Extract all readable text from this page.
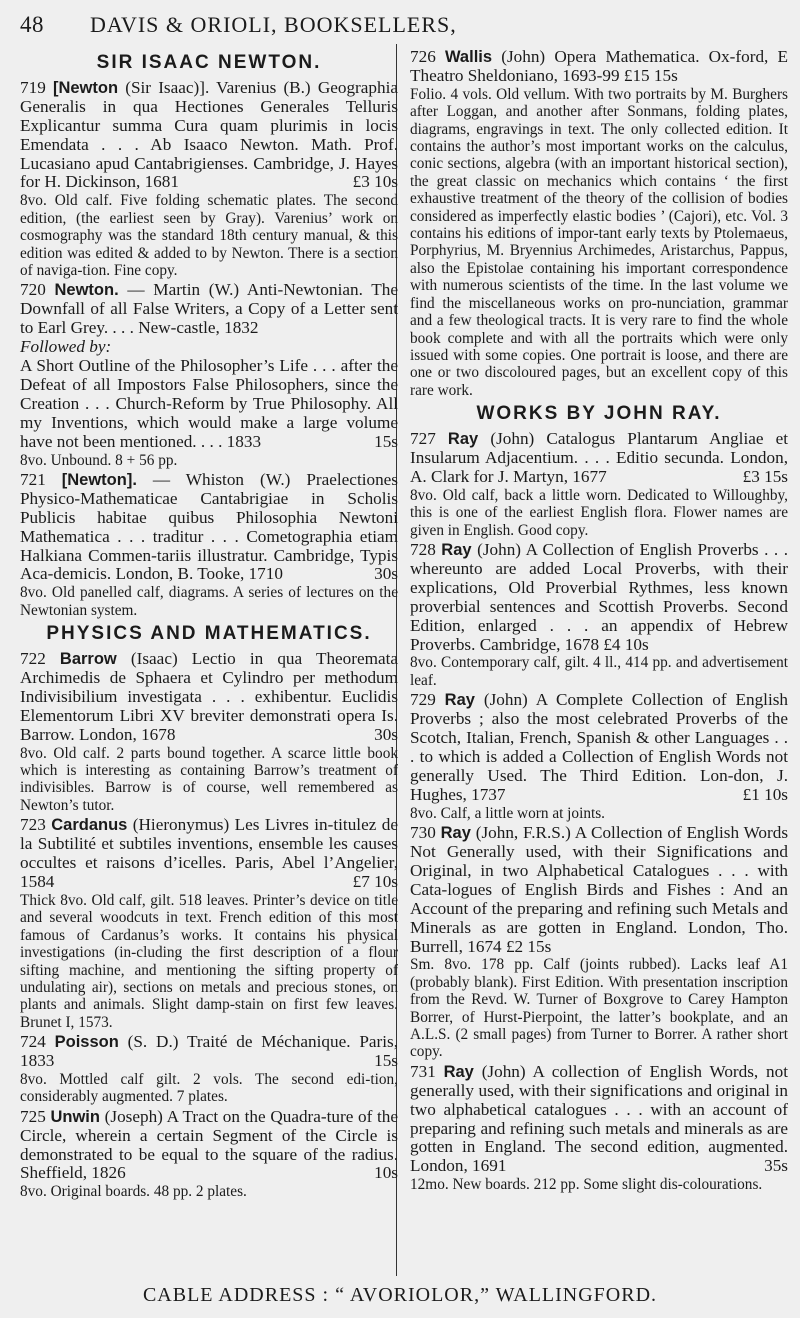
48 DAVIS & ORIOLI, BOOKSELLERS,
SIR ISAAC NEWTON.
719 [Newton (Sir Isaac)]. Varenius (B.) Geographia Generalis in qua Hectiones Generales Telluris Explicantur summa Cura quam plurimis in locis Emendata . . . Ab Isaaco Newton. Math. Prof. Lucasiano apud Cantabrigienses. Cambridge, J. Hayes for H. Dickinson, 1681	£3 10s
8vo. Old calf. Five folding schematic plates. The second edition, (the earliest seen by Gray). Varenius’ work on cosmography was the standard 18th century manual, & this edition was edited & added to by Newton. There is a section of naviga-tion. Fine copy.
720 Newton. — Martin (W.) Anti-Newtonian. The Downfall of all False Writers, a Copy of a Letter sent to Earl Grey. . . . New-castle, 1832
Followed by:
A Short Outline of the Philosopher’s Life . . . after the Defeat of all Impostors False Philosophers, since the Creation . . . Church-Reform by True Philosophy. All my Inventions, which would make a large volume have not been mentioned. . . . 1833	15s
8vo. Unbound. 8 + 56 pp.
721 [Newton]. — Whiston (W.) Praelectiones Physico-Mathematicae Cantabrigiae in Scholis Publicis habitae quibus Philosophia Newtoni Mathematica . . . traditur . . . Cometographia etiam Halkiana Commen-tariis illustratur. Cambridge, Typis Aca-demicis. London, B. Tooke, 1710	30s
8vo. Old panelled calf, diagrams. A series of lectures on the Newtonian system.
PHYSICS AND MATHEMATICS.
722 Barrow (Isaac) Lectio in qua Theoremata Archimedis de Sphaera et Cylindro per methodum Indivisibilium investigata . . . exhibentur. Euclidis Elementorum Libri XV breviter demonstrati opera Is. Barrow. London, 1678	30s
8vo. Old calf. 2 parts bound together. A scarce little book which is interesting as containing Barrow’s treatment of indivisibles. Barrow is of course, well remembered as Newton’s tutor.
723 Cardanus (Hieronymus) Les Livres in-titulez de la Subtilité et subtiles inventions, ensemble les causes occultes et raisons d’icelles. Paris, Abel l’Angelier, 1584	£7 10s
Thick 8vo. Old calf, gilt. 518 leaves. Printer’s device on title and several woodcuts in text. French edition of this most famous of Cardanus’s works. It contains his physical investigations (in-cluding the first description of a flour sifting machine, and mentioning the sifting property of undulating air), sections on metals and precious stones, on plants and animals. Slight damp-stain on first few leaves. Brunet I, 1573.
724 Poisson (S. D.) Traité de Méchanique. Paris, 1833	15s
8vo. Mottled calf gilt. 2 vols. The second edi-tion, considerably augmented. 7 plates.
725 Unwin (Joseph) A Tract on the Quadra-ture of the Circle, wherein a certain Segment of the Circle is demonstrated to be equal to the square of the radius. Sheffield, 1826	10s
8vo. Original boards. 48 pp. 2 plates.
726 Wallis (John) Opera Mathematica. Ox-ford, E Theatro Sheldoniano, 1693-99 £15 15s
Folio. 4 vols. Old vellum. With two portraits by M. Burghers after Loggan, and another after Sonmans, folding plates, diagrams, engravings in text. The only collected edition. It contains the author’s most important works on the calculus, conic sections, algebra (with an important historical section), the great classic on mechanics which contains ‘ the first exhaustive treatment of the theory of the collision of bodies considered as imperfectly elastic bodies ’ (Cajori), etc. Vol. 3 contains his editions of impor-tant early texts by Ptolemaeus, Porphyrius, M. Bryennius Archimedes, Aristarchus, Pappus, also the Epistolae containing his important correspondence with numerous scientists of the time. In the last volume we find the miscellaneous works on pro-nunciation, grammar and a few theological tracts. It is very rare to find the whole book complete and with all the portraits which were only issued with some copies. One portrait is loose, and there are one or two discoloured pages, but an excellent copy of this rare work.
WORKS BY JOHN RAY.
727 Ray (John) Catalogus Plantarum Angliae et Insularum Adjacentium. . . . Editio secunda. London, A. Clark for J. Martyn, 1677	£3 15s
8vo. Old calf, back a little worn. Dedicated to Willoughby, this is one of the earliest English flora. Flower names are given in English. Good copy.
728 Ray (John) A Collection of English Proverbs . . . whereunto are added Local Proverbs, with their explications, Old Proverbial Rythmes, less known proverbial sentences and Scottish Proverbs. Second Edition, enlarged . . . an appendix of Hebrew Proverbs. Cambridge, 1678 £4 10s
8vo. Contemporary calf, gilt. 4 ll., 414 pp. and advertisement leaf.
729 Ray (John) A Complete Collection of English Proverbs ; also the most celebrated Proverbs of the Scotch, Italian, French, Spanish & other Languages . . . to which is added a Collection of English Words not generally Used. The Third Edition. Lon-don, J. Hughes, 1737	£1 10s
8vo. Calf, a little worn at joints.
730 Ray (John, F.R.S.) A Collection of English Words Not Generally used, with their Significations and Original, in two Alphabetical Catalogues . . . with Cata-logues of English Birds and Fishes : And an Account of the preparing and refining such Metals and Minerals as are gotten in England. London, Tho. Burrell, 1674 £2 15s
Sm. 8vo. 178 pp. Calf (joints rubbed). Lacks leaf A1 (probably blank). First Edition. With presentation inscription from the Revd. W. Turner of Boxgrove to Carey Hampton Borrer, of Hurst-Pierpoint, the latter’s bookplate, and an A.L.S. (2 small pages) from Turner to Borrer. A rather short copy.
731 Ray (John) A collection of English Words, not generally used, with their significations and original in two alphabetical catalogues . . . with an account of preparing and refining such metals and minerals as are gotten in England. The second edition, augmented. London, 1691	35s
12mo. New boards. 212 pp. Some slight dis-colourations.
CABLE ADDRESS : “ AVORIOLOR,” WALLINGFORD.
